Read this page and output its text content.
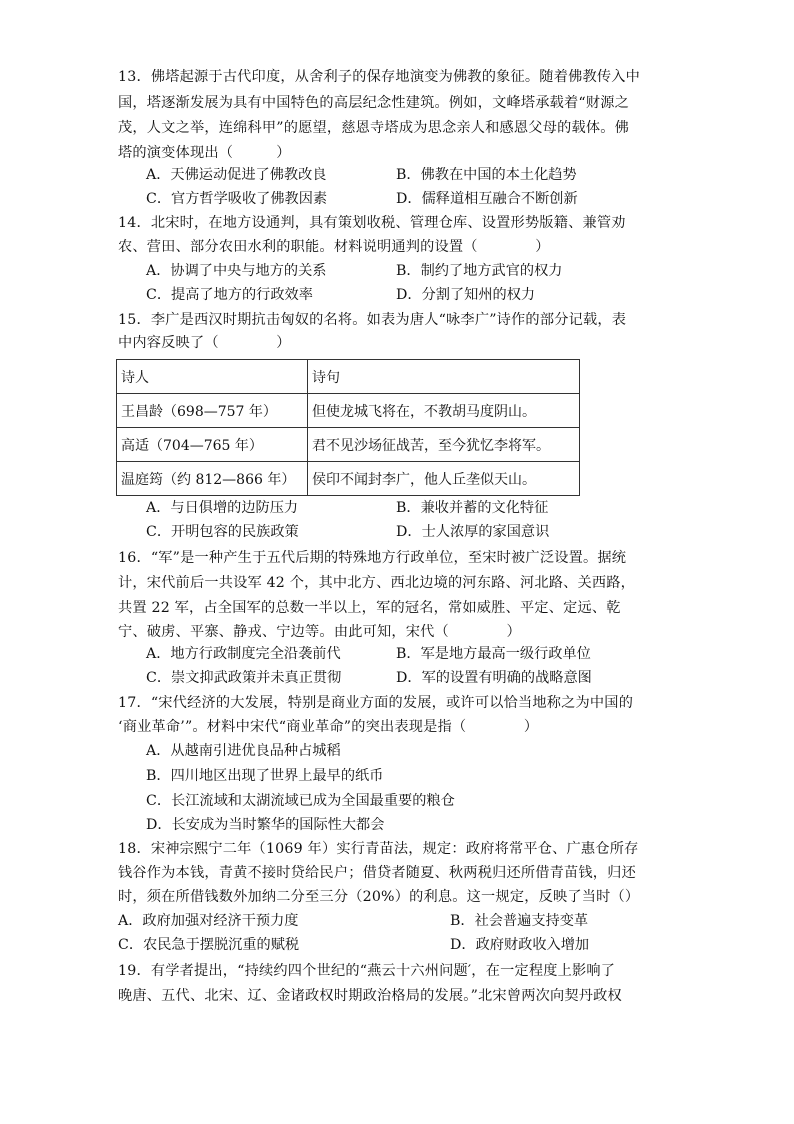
13．佛塔起源于古代印度，从舍利子的保存地演变为佛教的象征。随着佛教传入中
国，塔逐渐发展为具有中国特色的高层纪念性建筑。例如，文峰塔承载着“财源之
茂，人文之举，连绵科甲”的愿望，慈恩寺塔成为思念亲人和感恩父母的载体。佛
塔的演变体现出（　　　）
A．天佛运动促进了佛教改良	B．佛教在中国的本土化趋势
C．官方哲学吸收了佛教因素	D．儒释道相互融合不断创新
14．北宋时，在地方设通判，具有策划收税、管理仓库、设置形势版籍、兼管劝
农、营田、部分农田水利的职能。材料说明通判的设置（　　　　）
A．协调了中央与地方的关系	B．制约了地方武官的权力
C．提高了地方的行政效率	D．分割了知州的权力
15．李广是西汉时期抗击匈奴的名将。如表为唐人“咏李广”诗作的部分记载，表
中内容反映了（　　　　）
诗人	诗句
王昌龄（698—757 年）	但使龙城飞将在，不教胡马度阴山。
高适（704—765 年）	君不见沙场征战苦，至今犹忆李将军。
温庭筠（约 812—866 年）	侯印不闻封李广，他人丘垄似天山。
A．与日俱增的边防压力	B．兼收并蓄的文化特征
C．开明包容的民族政策	D．士人浓厚的家国意识
16．“军”是一种产生于五代后期的特殊地方行政单位，至宋时被广泛设置。据统
计，宋代前后一共设军 42 个，其中北方、西北边境的河东路、河北路、关西路，
共置 22 军，占全国军的总数一半以上，军的冠名，常如威胜、平定、定远、乾
宁、破虏、平寨、静戎、宁边等。由此可知，宋代（　　　　）
A．地方行政制度完全沿袭前代	B．军是地方最高一级行政单位
C．崇文抑武政策并未真正贯彻	D．军的设置有明确的战略意图
17．“宋代经济的大发展，特别是商业方面的发展，或许可以恰当地称之为中国的
‘商业革命’”。材料中宋代“商业革命”的突出表现是指（　　　　）
A．从越南引进优良品种占城稻
B．四川地区出现了世界上最早的纸币
C．长江流域和太湖流域已成为全国最重要的粮仓
D．长安成为当时繁华的国际性大都会
18．宋神宗熙宁二年（1069 年）实行青苗法，规定：政府将常平仓、广惠仓所存
钱谷作为本钱，青黄不接时贷给民户；借贷者随夏、秋两税归还所借青苗钱，归还
时，须在所借钱数外加纳二分至三分（20%）的利息。这一规定，反映了当时（）
A．政府加强对经济干预力度	B．社会普遍支持变革
C．农民急于摆脱沉重的赋税	D．政府财政收入增加
19．有学者提出，“持续约四个世纪的“燕云十六州问题′，在一定程度上影响了
晚唐、五代、北宋、辽、金诸政权时期政治格局的发展。”北宋曾两次向契丹政权
